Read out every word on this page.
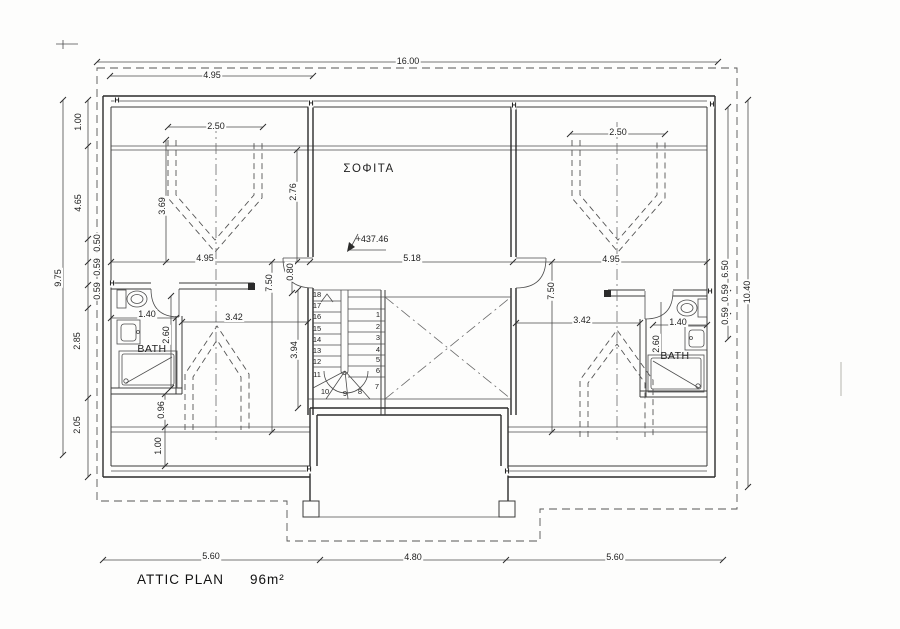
16.00
4.95
2.50
2.50
ΣΟΦΙΤΑ
+437.46
4.95
0.80
5.18	4.95
3.69
2.76
7.50	7.50
1.40	3.42
2.60
BATH	3.94
3.42	1.40
2.60
BATH
0.96
1.00
9.75
1.00
4.65
0.50
0.59
0.59
2.85
2.05
6.50
0.59
0.59
10.40
5.60	4.80	5.60
1
2
3
4
5
6
7
8
9
10
11
12
13
14
15
16
17
18
H	H	H	H
H
H
H	H
ATTIC PLAN 96m²
